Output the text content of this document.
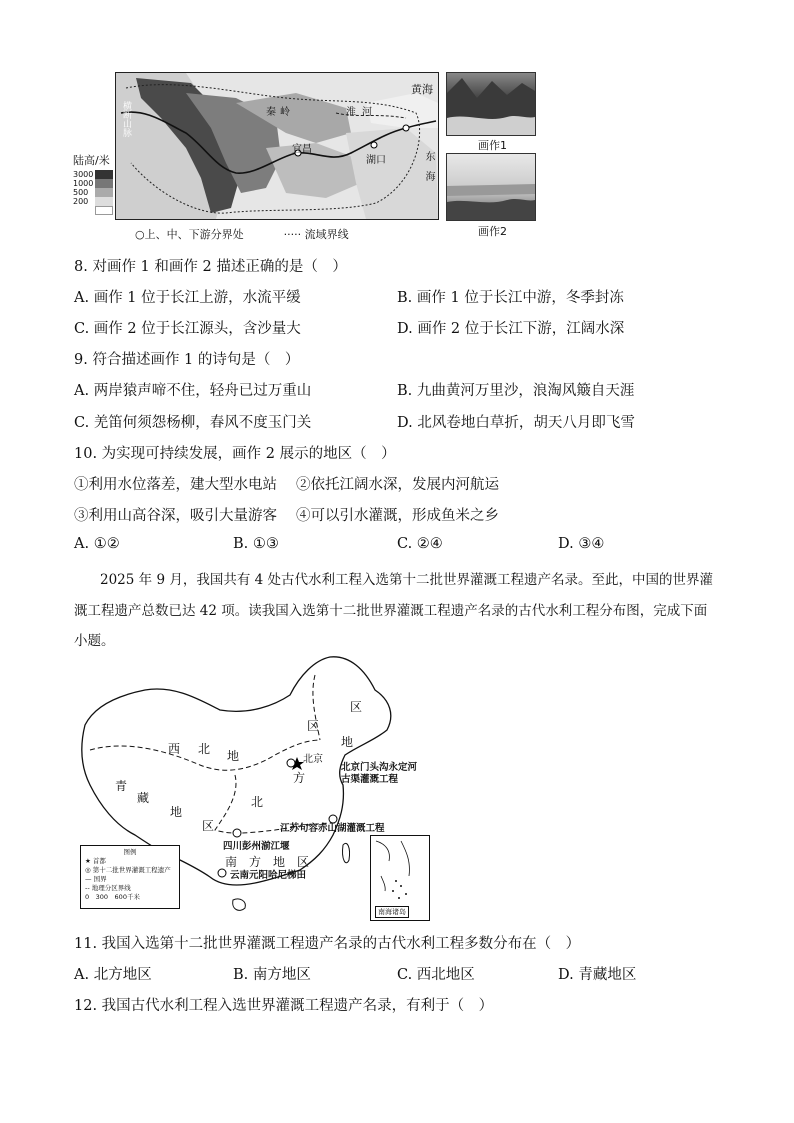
横断山脉
黄海
淮河
秦岭
宜昌
湖口	东海
陆高/米
3000
1000
500
200
○上、中、下游分界处	····· 流域界线
画作1
画作2
8. 对画作 1 和画作 2 描述正确的是（　）
A. 画作 1 位于长江上游，水流平缓	B. 画作 1 位于长江中游，冬季封冻
C. 画作 2 位于长江源头，含沙量大	D. 画作 2 位于长江下游，江阔水深
9. 符合描述画作 1 的诗句是（　）
A. 两岸猿声啼不住，轻舟已过万重山	B. 九曲黄河万里沙，浪淘风簸自天涯
C. 羌笛何须怨杨柳，春风不度玉门关	D. 北风卷地白草折，胡天八月即飞雪
10. 为实现可持续发展，画作 2 展示的地区（　）
①利用水位落差，建大型水电站 ②依托江阔水深，发展内河航运
③利用山高谷深，吸引大量游客 ④可以引水灌溉，形成鱼米之乡
A. ①②	B. ①③	C. ②④	D. ③④
2025 年 9 月，我国共有 4 处古代水利工程入选第十二批世界灌溉工程遗产名录。至此，中国的世界灌
溉工程遗产总数已达 42 项。读我国入选第十二批世界灌溉工程遗产名录的古代水利工程分布图，完成下面
小题。
西 北 地
区
区
地
北京
方
北
青
藏
地
区
南　方　地　区
北京门头沟永定河
古渠灌溉工程
江苏句容赤山湖灌溉工程
四川彭州湔江堰
云南元阳哈尼梯田
图例
★ 首都
◎ 第十二批世界灌溉工程遗产
— 国界
-- 地理分区界线
0　300　600千米
南海诸岛
11. 我国入选第十二批世界灌溉工程遗产名录的古代水利工程多数分布在（　）
A. 北方地区	B. 南方地区	C. 西北地区	D. 青藏地区
12. 我国古代水利工程入选世界灌溉工程遗产名录，有利于（　）
